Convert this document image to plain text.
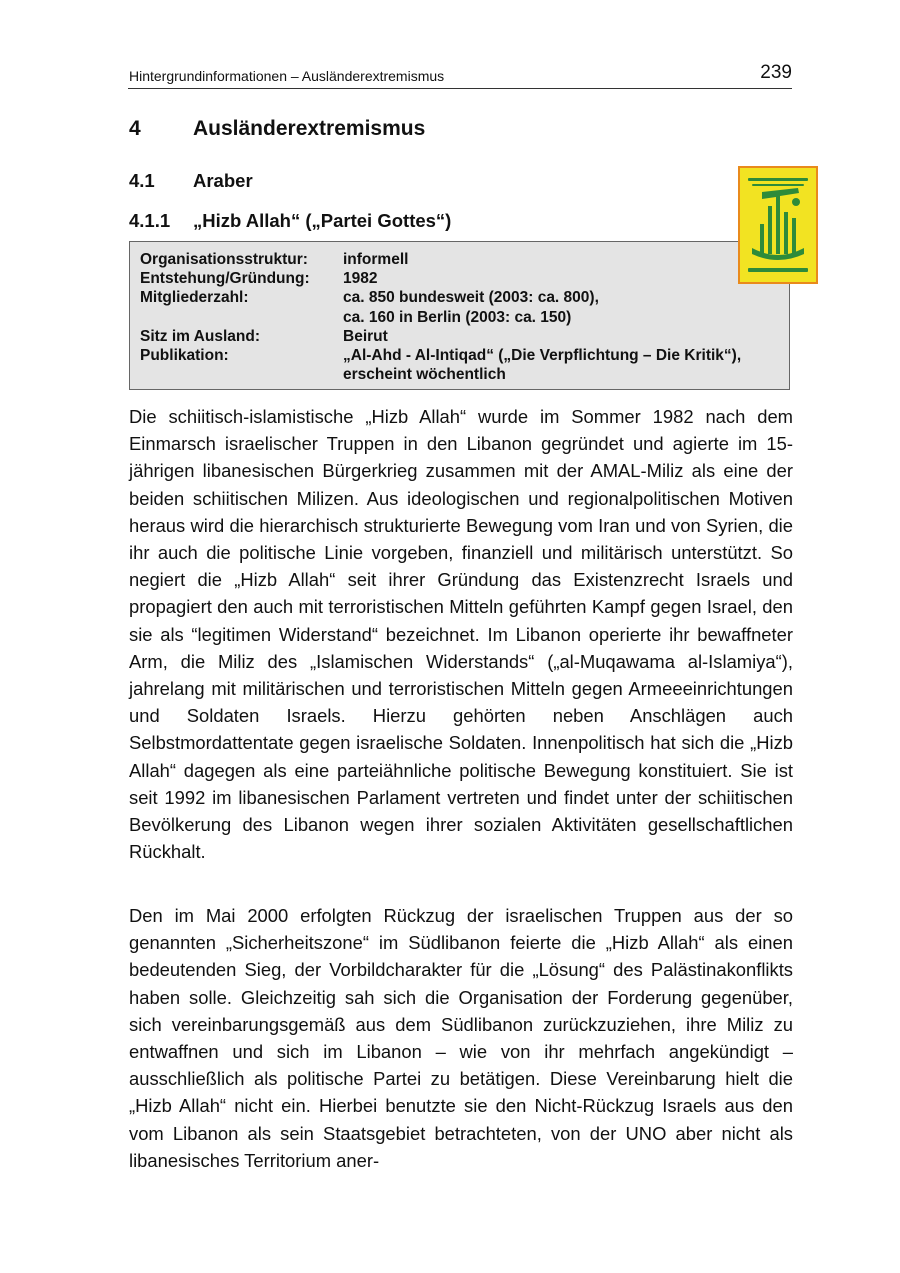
Hintergrundinformationen – Ausländerextremismus	239
4 Ausländerextremismus
4.1 Araber
4.1.1 „Hizb Allah“ („Partei Gottes“)
Organisationsstruktur:	informell
Entstehung/Gründung:	1982
Mitgliederzahl:	ca. 850 bundesweit (2003: ca. 800),
ca. 160 in Berlin (2003: ca. 150)
Sitz im Ausland:	Beirut
Publikation:	„Al-Ahd - Al-Intiqad“ („Die Verpflichtung – Die Kritik“),
erscheint wöchentlich

Die schiitisch-islamistische „Hizb Allah“ wurde im Sommer 1982 nach dem Einmarsch israelischer Truppen in den Libanon gegründet und agierte im 15-jährigen libanesischen Bürgerkrieg zusammen mit der AMAL-Miliz als eine der beiden schiitischen Milizen. Aus ideologischen und regionalpolitischen Motiven heraus wird die hierarchisch strukturierte Bewegung vom Iran und von Syrien, die ihr auch die politische Linie vorgeben, finanziell und militärisch unterstützt. So negiert die „Hizb Allah“ seit ihrer Gründung das Existenzrecht Israels und propagiert den auch mit terroristischen Mitteln geführten Kampf gegen Israel, den sie als “legitimen Widerstand“ bezeichnet. Im Libanon operierte ihr bewaffneter Arm, die Miliz des „Islamischen Widerstands“ („al-Muqawama al-Islamiya“), jahrelang mit militärischen und terroristischen Mitteln gegen Armeeeinrichtungen und Soldaten Israels. Hierzu gehörten neben Anschlägen auch Selbstmordattentate gegen israelische Soldaten. Innenpolitisch hat sich die „Hizb Allah“ dagegen als eine parteiähnliche politische Bewegung konstituiert. Sie ist seit 1992 im libanesischen Parlament vertreten und findet unter der schiitischen Bevölkerung des Libanon wegen ihrer sozialen Aktivitäten gesellschaftlichen Rückhalt.

Den im Mai 2000 erfolgten Rückzug der israelischen Truppen aus der so genannten „Sicherheitszone“ im Südlibanon feierte die „Hizb Allah“ als einen bedeutenden Sieg, der Vorbildcharakter für die „Lösung“ des Palästinakonflikts haben solle. Gleichzeitig sah sich die Organisation der Forderung gegenüber, sich vereinbarungsgemäß aus dem Südlibanon zurückzuziehen, ihre Miliz zu entwaffnen und sich im Libanon – wie von ihr mehrfach angekündigt – ausschließlich als politische Partei zu betätigen. Diese Vereinbarung hielt die „Hizb Allah“ nicht ein. Hierbei benutzte sie den Nicht-Rückzug Israels aus den vom Libanon als sein Staatsgebiet betrachteten, von der UNO aber nicht als libanesisches Territorium aner-
